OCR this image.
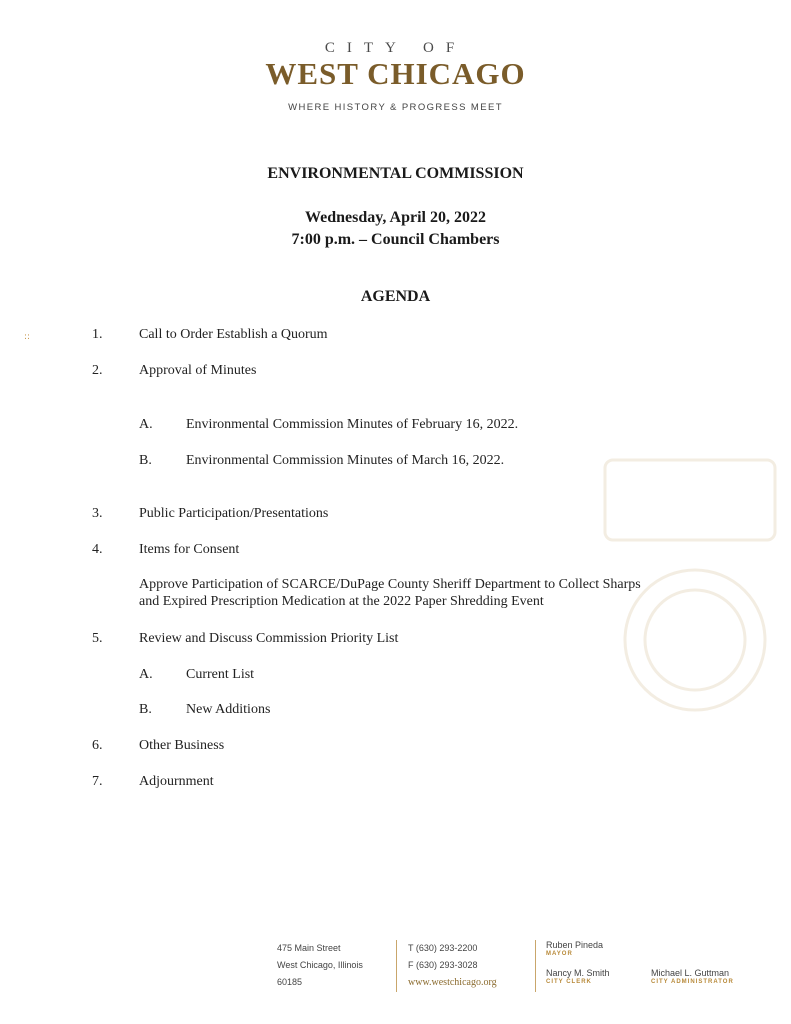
CITY OF
WEST CHICAGO
WHERE HISTORY & PROGRESS MEET
ENVIRONMENTAL COMMISSION
Wednesday, April 20, 2022
7:00 p.m. – Council Chambers
AGENDA
::	1.	Call to Order Establish a Quorum
2.	Approval of Minutes
A.	Environmental Commission Minutes of February 16, 2022.
B.	Environmental Commission Minutes of March 16, 2022.
3.	Public Participation/Presentations
4.	Items for Consent
Approve Participation of SCARCE/DuPage County Sheriff Department to Collect Sharps
and Expired Prescription Medication at the 2022 Paper Shredding Event
5.	Review and Discuss Commission Priority List
A.	Current List
B.	New Additions
6.	Other Business
7.	Adjournment
475 Main Street
West Chicago, Illinois
60185
T (630) 293-2200
F (630) 293-3028
www.westchicago.org
Ruben Pineda
MAYOR
Nancy M. Smith
CITY CLERK
Michael L. Guttman
CITY ADMINISTRATOR
